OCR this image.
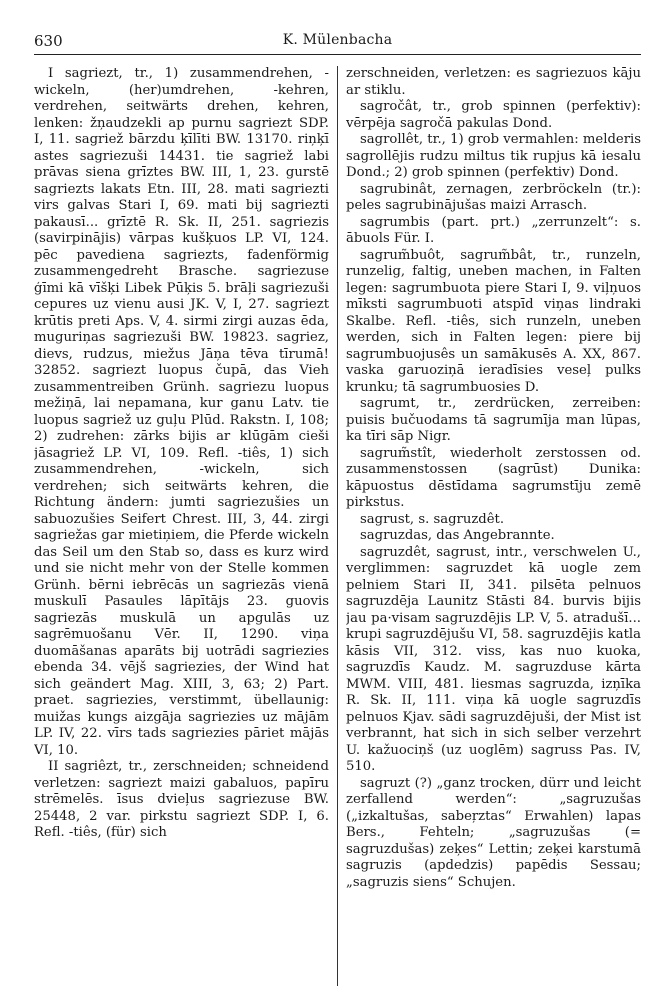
630	K. Mülenbacha

I sagriezt, tr., 1) zusammendrehen, -wickeln, (her)umdrehen, -kehren, verdrehen, seitwärts drehen, kehren, lenken: žņaudzekli ap purnu sagriezt SDP. I, 11. sagriež bārzdu ķīlīti BW. 13170. riņķī astes sagriezuši 14431. tie sagriež labi prāvas siena grīztes BW. III, 1, 23. gurstē sagriezts lakats Etn. III, 28. mati sagriezti virs galvas Stari I, 69. mati bij sagriezti pakausī... grīztē R. Sk. II, 251. sagriezis (savirpinājis) vārpas kušķuos LP. VI, 124. pēc pavediena sagriezts, fadenförmig zusammengedreht Brasche. sagriezuse ģīmi kā vīšķi Libek Pūķis 5. brāļi sagriezuši cepures uz vienu ausi JK. V, I, 27. sagriezt krūtis preti Aps. V, 4. sirmi zirgi auzas ēda, muguriņas sagriezuši BW. 19823. sagriez, dievs, rudzus, miežus Jāņa tēva tīrumā! 32852. sagriezt luopus čupā, das Vieh zusammentreiben Grünh. sagriezu luopus mežiņā, lai nepamana, kur ganu Latv. tie luopus sagriež uz guļu Plūd. Rakstn. I, 108; 2) zudrehen: zārks bijis ar klūgām cieši jāsagriež LP. VI, 109. Refl. -tiês, 1) sich zusammendrehen, -wickeln, sich verdrehen; sich seitwärts kehren, die Richtung ändern: jumti sagriezušies un sabuozušies Seifert Chrest. III, 3, 44. zirgi sagriežas gar mietiņiem, die Pferde wickeln das Seil um den Stab so, dass es kurz wird und sie nicht mehr von der Stelle kommen Grünh. bērni iebrēcās un sagriezās vienā muskulī Pasaules lāpītājs 23. guovis sagriezās muskulā un apgulās uz sagrēmuošanu Vēr. II, 1290. viņa duomāšanas aparāts bij uotrādi sagriezies ebenda 34. vējš sagriezies, der Wind hat sich geändert Mag. XIII, 3, 63; 2) Part. praet. sagriezies, verstimmt, übellaunig: muižas kungs aizgāja sagriezies uz mājām LP. IV, 22. vīrs tads sagriezies pāriet mājās VI, 10.

II sagriêzt, tr., zerschneiden; schneidend verletzen: sagriezt maizi gabaluos, papīru strēmelēs. īsus dvieļus sagriezuse BW. 25448, 2 var. pirkstu sagriezt SDP. I, 6. Refl. -tiês, (für) sich

zerschneiden, verletzen: es sagriezuos kāju ar stiklu.

sagročât, tr., grob spinnen (perfektiv): vērpēja sagročā pakulas Dond.

sagrollêt, tr., 1) grob vermahlen: melderis sagrollējis rudzu miltus tik rupjus kā iesalu Dond.; 2) grob spinnen (perfektiv) Dond.

sagrubinât, zernagen, zerbröckeln (tr.): peles sagrubinājušas maizi Arrasch.

sagrumbis (part. prt.) „zerrunzelt“: s. ābuols Für. I.

sagrum̃buôt, sagrum̃bât, tr., runzeln, runzelig, faltig, uneben machen, in Falten legen: sagrumbuota piere Stari I, 9. viļņuos mīksti sagrumbuoti atspīd viņas lindraki Skalbe. Refl. -tiês, sich runzeln, uneben werden, sich in Falten legen: piere bij sagrumbuojusês un samākusēs A. XX, 867. vaska garuoziņā ieradīsies veseļ pulks krunku; tā sagrumbuosies D.

sagrumt, tr., zerdrücken, zerreiben: puisis bučuodams tā sagrumīja man lūpas, ka tīri sāp Nigr.

sagrum̃stît, wiederholt zerstossen od. zusammenstossen (sagrūst) Dunika: kāpuostus dēstīdama sagrumstīju zemē pirkstus.

sagrust, s. sagruzdêt.

sagruzdas, das Angebrannte.

sagruzdêt, sagrust, intr., verschwelen U., verglimmen: sagruzdet kā uogle zem pelniem Stari II, 341. pilsēta pelnuos sagruzdēja Launitz Stāsti 84. burvis bijis jau pa·visam sagruzdējis LP. V, 5. atradušī... krupi sagruzdējušu VI, 58. sagruzdējis katla kāsis VII, 312. viss, kas nuo kuoka, sagruzdīs Kaudz. M. sagruzduse kārta MWM. VIII, 481. liesmas sagruzda, izņīka R. Sk. II, 111. viņa kā uogle sagruzdīs pelnuos Kjav. sādi sagruzdējuši, der Mist ist verbrannt, hat sich in sich selber verzehrt U. kažuociņš (uz uoglēm) sagruss Pas. IV, 510.

sagruzt (?) „ganz trocken, dürr und leicht zerfallend werden“: „sagruzušas („izkaltušas, sabeŗztas“ Erwahlen) lapas Bers., Fehteln; „sagruzušas (= sagruzdušas) zeķes“ Lettin; zeķei karstumā sagruzis (apdedzis) papēdis Sessau; „sagruzis siens“ Schujen.
